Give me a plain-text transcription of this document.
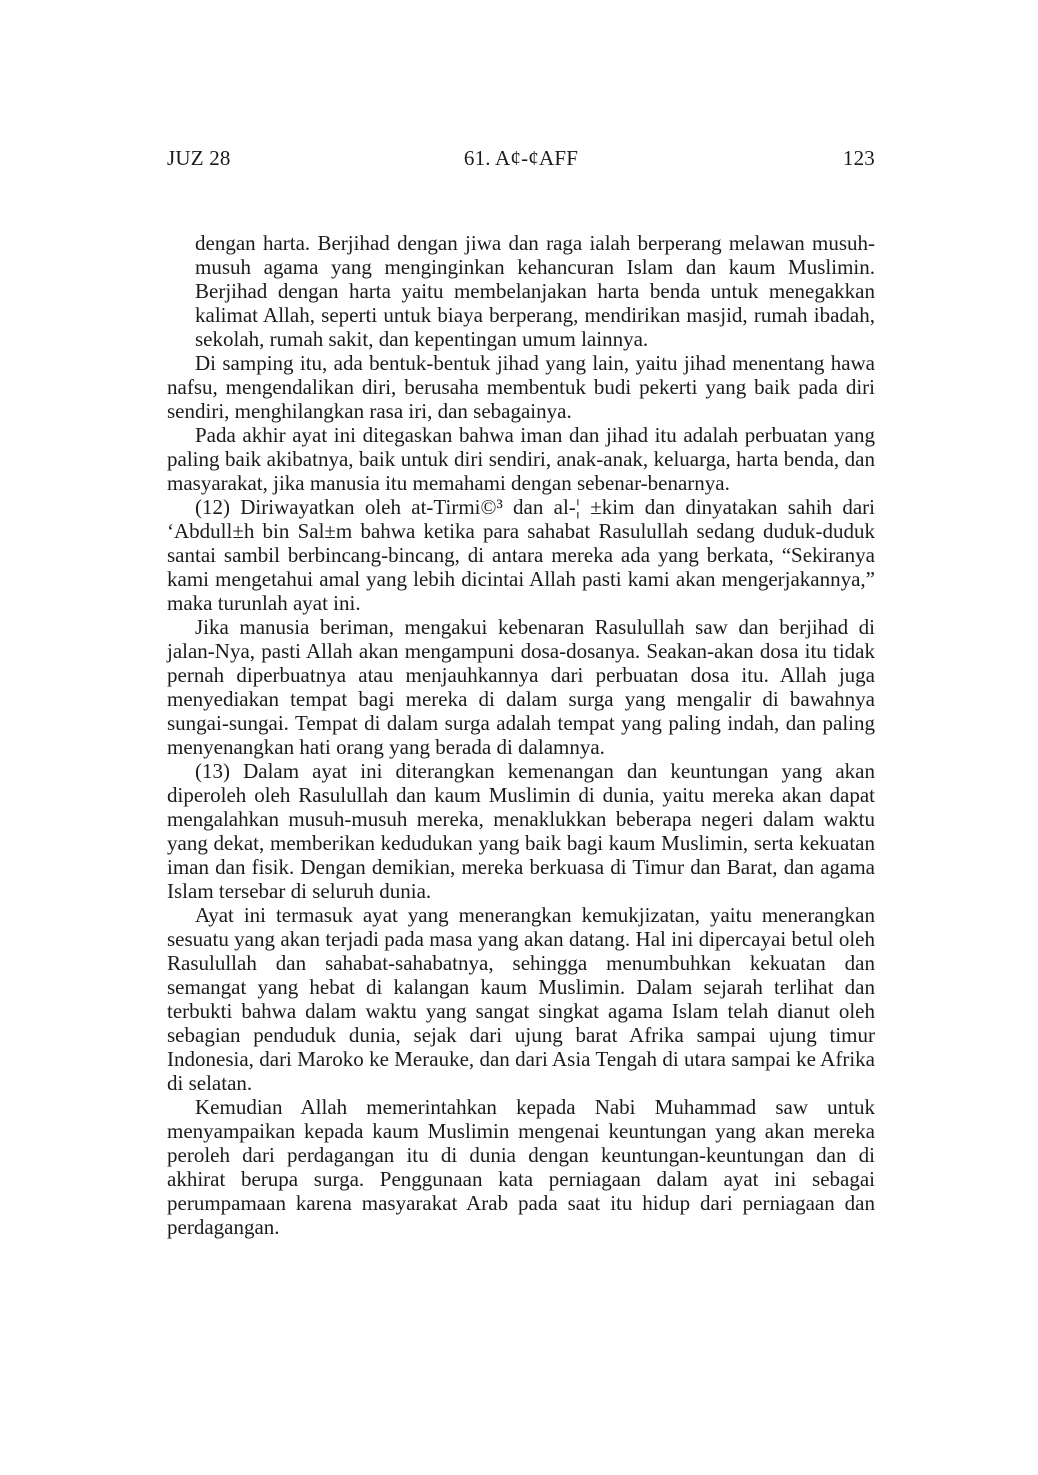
JUZ 28	61. A¢-¢AFF	123

dengan harta. Berjihad dengan jiwa dan raga ialah berperang melawan musuh-musuh agama yang menginginkan kehancuran Islam dan kaum Muslimin. Berjihad dengan harta yaitu membelanjakan harta benda untuk menegakkan kalimat Allah, seperti untuk biaya berperang, mendirikan masjid, rumah ibadah, sekolah, rumah sakit, dan kepentingan umum lainnya.

Di samping itu, ada bentuk-bentuk jihad yang lain, yaitu jihad menentang hawa nafsu, mengendalikan diri, berusaha membentuk budi pekerti yang baik pada diri sendiri, menghilangkan rasa iri, dan sebagainya.

Pada akhir ayat ini ditegaskan bahwa iman dan jihad itu adalah perbuatan yang paling baik akibatnya, baik untuk diri sendiri, anak-anak, keluarga, harta benda, dan masyarakat, jika manusia itu memahami dengan sebenar-benarnya.

(12) Diriwayatkan oleh at-Tirmi©³ dan al-¦ ±kim dan dinyatakan sahih dari ‘Abdull±h bin Sal±m bahwa ketika para sahabat Rasulullah sedang duduk-duduk santai sambil berbincang-bincang, di antara mereka ada yang berkata, “Sekiranya kami mengetahui amal yang lebih dicintai Allah pasti kami akan mengerjakannya,” maka turunlah ayat ini.

Jika manusia beriman, mengakui kebenaran Rasulullah saw dan berjihad di jalan-Nya, pasti Allah akan mengampuni dosa-dosanya. Seakan-akan dosa itu tidak pernah diperbuatnya atau menjauhkannya dari perbuatan dosa itu. Allah juga menyediakan tempat bagi mereka di dalam surga yang mengalir di bawahnya sungai-sungai. Tempat di dalam surga adalah tempat yang paling indah, dan paling menyenangkan hati orang yang berada di dalamnya.

(13) Dalam ayat ini diterangkan kemenangan dan keuntungan yang akan diperoleh oleh Rasulullah dan kaum Muslimin di dunia, yaitu mereka akan dapat mengalahkan musuh-musuh mereka, menaklukkan beberapa negeri dalam waktu yang dekat, memberikan kedudukan yang baik bagi kaum Muslimin, serta kekuatan iman dan fisik. Dengan demikian, mereka berkuasa di Timur dan Barat, dan agama Islam tersebar di seluruh dunia.

Ayat ini termasuk ayat yang menerangkan kemukjizatan, yaitu menerangkan sesuatu yang akan terjadi pada masa yang akan datang. Hal ini dipercayai betul oleh Rasulullah dan sahabat-sahabatnya, sehingga menumbuhkan kekuatan dan semangat yang hebat di kalangan kaum Muslimin. Dalam sejarah terlihat dan terbukti bahwa dalam waktu yang sangat singkat agama Islam telah dianut oleh sebagian penduduk dunia, sejak dari ujung barat Afrika sampai ujung timur Indonesia, dari Maroko ke Merauke, dan dari Asia Tengah di utara sampai ke Afrika di selatan.

Kemudian Allah memerintahkan kepada Nabi Muhammad saw untuk menyampaikan kepada kaum Muslimin mengenai keuntungan yang akan mereka peroleh dari perdagangan itu di dunia dengan keuntungan-keuntungan dan di akhirat berupa surga. Penggunaan kata perniagaan dalam ayat ini sebagai perumpamaan karena masyarakat Arab pada saat itu hidup dari perniagaan dan perdagangan.
